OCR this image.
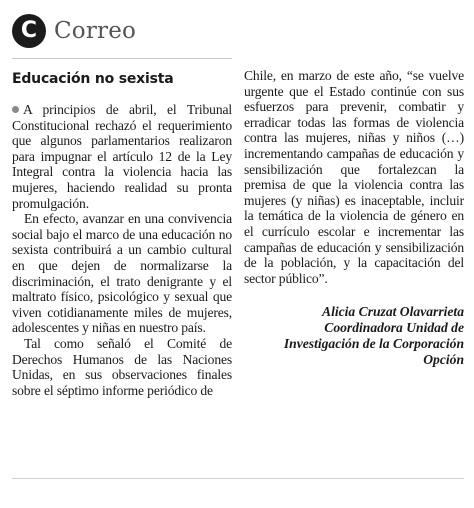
C Correo
Educación no sexista

A principios de abril, el Tribunal Constitucional rechazó el requerimiento que algunos parlamentarios realizaron para impugnar el artículo 12 de la Ley Integral contra la violencia hacia las mujeres, haciendo realidad su pronta promulgación.

En efecto, avanzar en una convivencia social bajo el marco de una educación no sexista contribuirá a un cambio cultural en que dejen de normalizarse la discriminación, el trato denigrante y el maltrato físico, psicológico y sexual que viven cotidianamente miles de mujeres, adolescentes y niñas en nuestro país.

Tal como señaló el Comité de Derechos Humanos de las Naciones Unidas, en sus observaciones finales sobre el séptimo informe periódico de

Chile, en marzo de este año, “se vuelve urgente que el Estado continúe con sus esfuerzos para prevenir, combatir y erradicar todas las formas de violencia contra las mujeres, niñas y niños (…) incrementando campañas de educación y sensibilización que fortalezcan la premisa de que la violencia contra las mujeres (y niñas) es inaceptable, incluir la temática de la violencia de género en el currículo escolar e incrementar las campañas de educación y sensibilización de la población, y la capacitación del sector público”.

Alicia Cruzat Olavarrieta
Coordinadora Unidad de
Investigación de la Corporación
Opción
